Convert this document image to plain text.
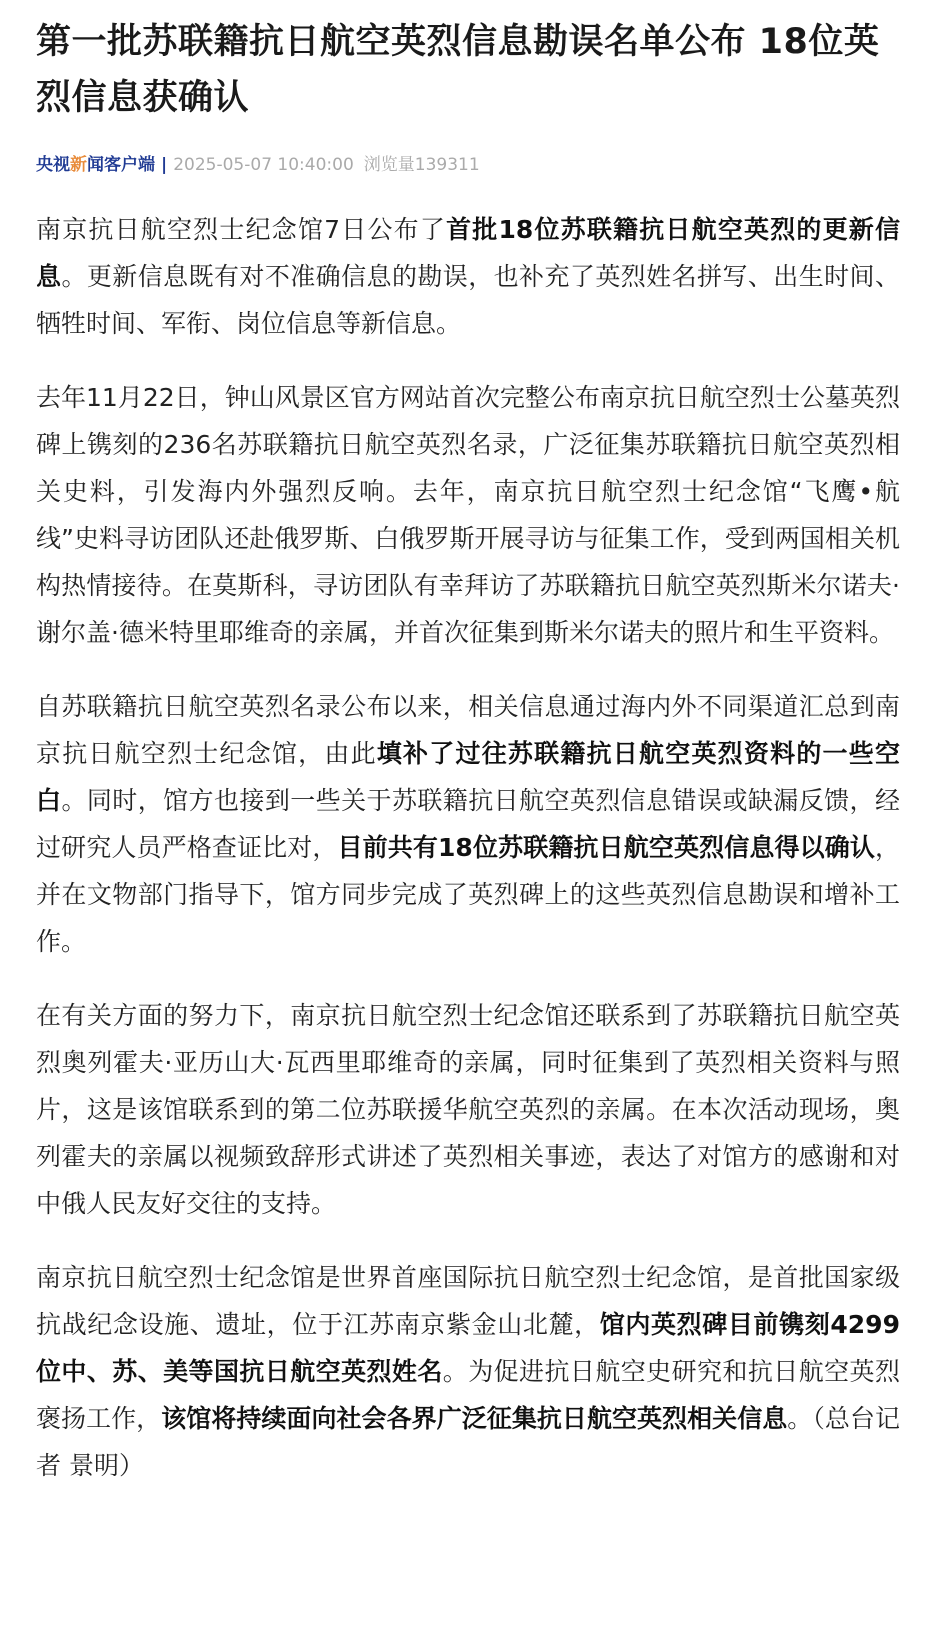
第一批苏联籍抗日航空英烈信息勘误名单公布 18位英烈信息获确认
央视新闻客户端 | 2025-05-07 10:40:00 浏览量139311

南京抗日航空烈士纪念馆7日公布了首批18位苏联籍抗日航空英烈的更新信息。更新信息既有对不准确信息的勘误，也补充了英烈姓名拼写、出生时间、牺牲时间、军衔、岗位信息等新信息。

去年11月22日，钟山风景区官方网站首次完整公布南京抗日航空烈士公墓英烈碑上镌刻的236名苏联籍抗日航空英烈名录，广泛征集苏联籍抗日航空英烈相关史料，引发海内外强烈反响。去年，南京抗日航空烈士纪念馆“飞鹰•航线”史料寻访团队还赴俄罗斯、白俄罗斯开展寻访与征集工作，受到两国相关机构热情接待。在莫斯科，寻访团队有幸拜访了苏联籍抗日航空英烈斯米尔诺夫·谢尔盖·德米特里耶维奇的亲属，并首次征集到斯米尔诺夫的照片和生平资料。

自苏联籍抗日航空英烈名录公布以来，相关信息通过海内外不同渠道汇总到南京抗日航空烈士纪念馆，由此填补了过往苏联籍抗日航空英烈资料的一些空白。同时，馆方也接到一些关于苏联籍抗日航空英烈信息错误或缺漏反馈，经过研究人员严格查证比对，目前共有18位苏联籍抗日航空英烈信息得以确认，并在文物部门指导下，馆方同步完成了英烈碑上的这些英烈信息勘误和增补工作。

在有关方面的努力下，南京抗日航空烈士纪念馆还联系到了苏联籍抗日航空英烈奥列霍夫·亚历山大·瓦西里耶维奇的亲属，同时征集到了英烈相关资料与照片，这是该馆联系到的第二位苏联援华航空英烈的亲属。在本次活动现场，奥列霍夫的亲属以视频致辞形式讲述了英烈相关事迹，表达了对馆方的感谢和对中俄人民友好交往的支持。

南京抗日航空烈士纪念馆是世界首座国际抗日航空烈士纪念馆，是首批国家级抗战纪念设施、遗址，位于江苏南京紫金山北麓，馆内英烈碑目前镌刻4299位中、苏、美等国抗日航空英烈姓名。为促进抗日航空史研究和抗日航空英烈褒扬工作，该馆将持续面向社会各界广泛征集抗日航空英烈相关信息。（总台记者 景明）
